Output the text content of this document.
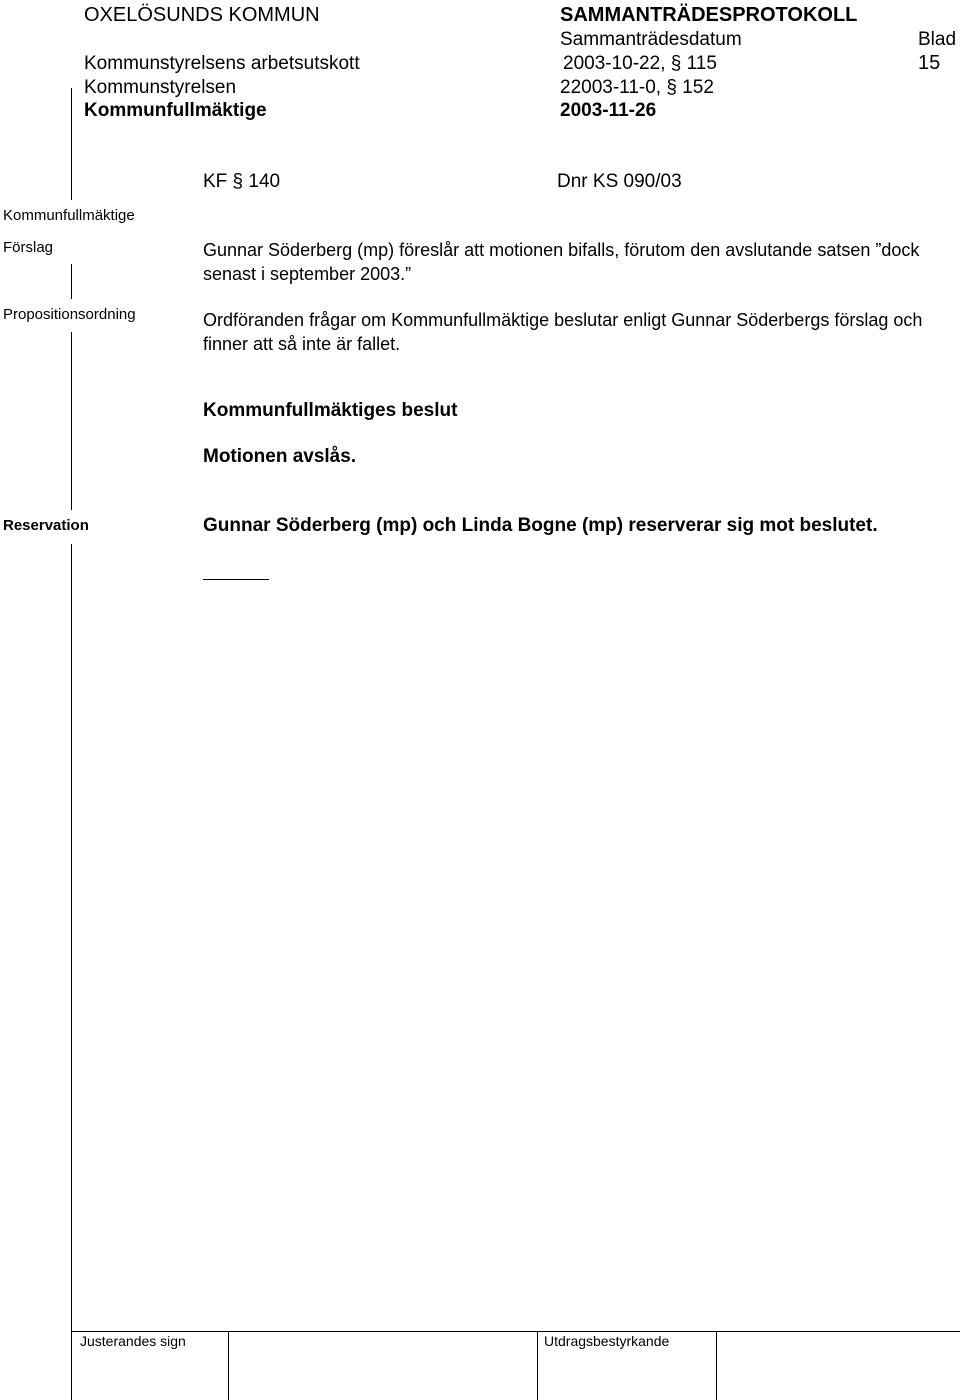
OXELÖSUNDS KOMMUN	SAMMANTRÄDESPROTOKOLL
Sammanträdesdatum	Blad
Kommunstyrelsens arbetsutskott	2003-10-22, § 115	15
Kommunstyrelsen	22003-11-0, § 152
Kommunfullmäktige	2003-11-26
KF § 140	Dnr KS 090/03
Kommunfullmäktige
Förslag
Propositionsordning
Reservation
Gunnar Söderberg (mp) föreslår att motionen bifalls, förutom den avslutande satsen ”dock senast i september 2003.”
Ordföranden frågar om Kommunfullmäktige beslutar enligt Gunnar Söderbergs förslag och finner att så inte är fallet.
Kommunfullmäktiges beslut
Motionen avslås.
Gunnar Söderberg (mp) och Linda Bogne (mp) reserverar sig mot beslutet.
Justerandes sign	Utdragsbestyrkande
